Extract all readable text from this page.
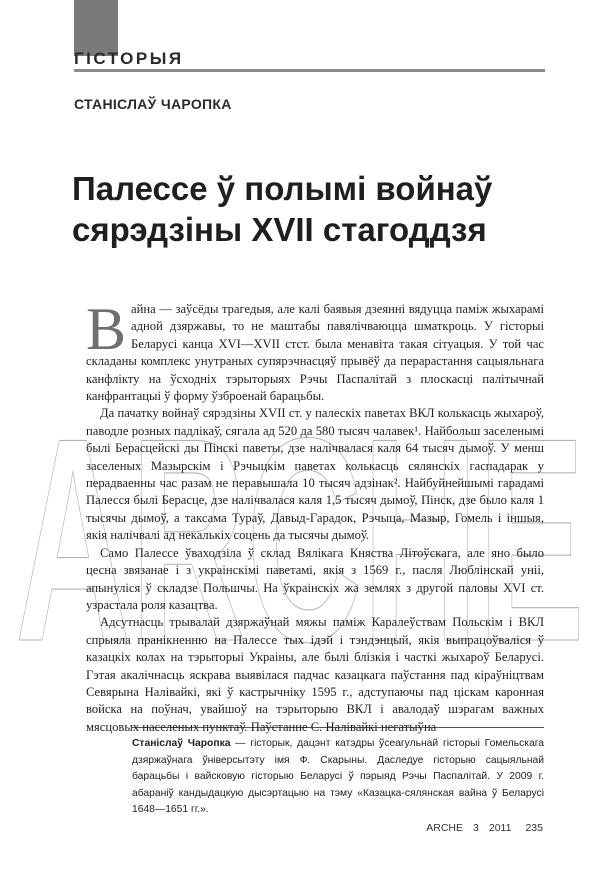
ГІСТОРЫЯ
СТАНІСЛАЎ ЧАРОПКА
Палессе ў полымі войнаў
сярэдзіны XVII стагоддзя
ARCHE

Вайна — заўсёды трагедыя, але калі баявыя дзеянні вядуцца паміж жыхарамі адной дзяржавы, то не маштабы павялічваюцца шматкроць. У гісторыі Беларусі канца XVI—XVII стст. была менавіта такая сітуацыя. У той час складаны комплекс унутраных супярэчнасцяў прывёў да перарастання сацыяльнага канфлікту на ўсходніх тэрыторыях Рэчы Паспалітай з плоскасці палітычнай канфрантацыі ў форму ўзброенай барацьбы.

Да пачатку войнаў сярэдзіны XVII ст. у палескіх паветах ВКЛ колькасць жыхароў, паводле розных падлікаў, сягала ад 520 да 580 тысяч чалавек¹. Найбольш заселенымі былі Берасцейскі ды Пінскі паветы, дзе налічвалася каля 64 тысяч дымоў. У менш заселеных Мазырскім і Рэчыцкім паветах колькасць сялянскіх гаспадарак у перадваенны час разам не перавышала 10 тысяч адзінак². Найбуйнейшымі гарадамі Палесся былі Берасце, дзе налічвалася каля 1,5 тысяч дымоў, Пінск, дзе было каля 1 тысячы дымоў, а таксама Тураў, Давыд-Гарадок, Рэчыца, Мазыр, Гомель і іншыя, якія налічвалі ад некалькіх соцень да тысячы дымоў.

Само Палессе ўваходзіла ў склад Вялікага Княства Літоўскага, але яно было цесна звязанае і з украінскімі паветамі, якія з 1569 г., пасля Люблінскай уніі, апынуліся ў складзе Польшчы. На ўкраінскіх жа землях з другой паловы XVI ст. узрастала роля казацтва.

Адсутнасць трывалай дзяржаўнай мяжы паміж Каралеўствам Польскім і ВКЛ спрыяла пранікненню на Палессе тых ідэй і тэндэнцый, якія выпрацоўваліся ў казацкіх колах на тэрыторыі Украіны, але былі блізкія і часткі жыхароў Беларусі. Гэтая акалічнасць яскрава выявілася падчас казацкага паўстання пад кіраўніцтвам Севярына Налівайкі, які ў кастрычніку 1595 г., адступаючы пад ціскам каронная войска на поўнач, увайшоў на тэрыторыю ВКЛ і авалодаў шэрагам важных мясцовых населеных пунктаў. Паўстанне С. Налівайкі негатыўна

Станіслаў Чаропка — гісторык, дацэнт катэдры ўсеагульнай гісторыі Гомельскага дзяржаўнага ўніверсытэту імя Ф. Скарыны. Даследуе гісторыю сацыяльнай барацьбы і вайсковую гісторыю Беларусі ў пэрыяд Рэчы Паспалітай. У 2009 г. абараніў кандыдацкую дысэртацыю на тэму «Казацка-сялянская вайна ў Беларусі 1648—1651 гг.».
ARCHE 3 2011 235
